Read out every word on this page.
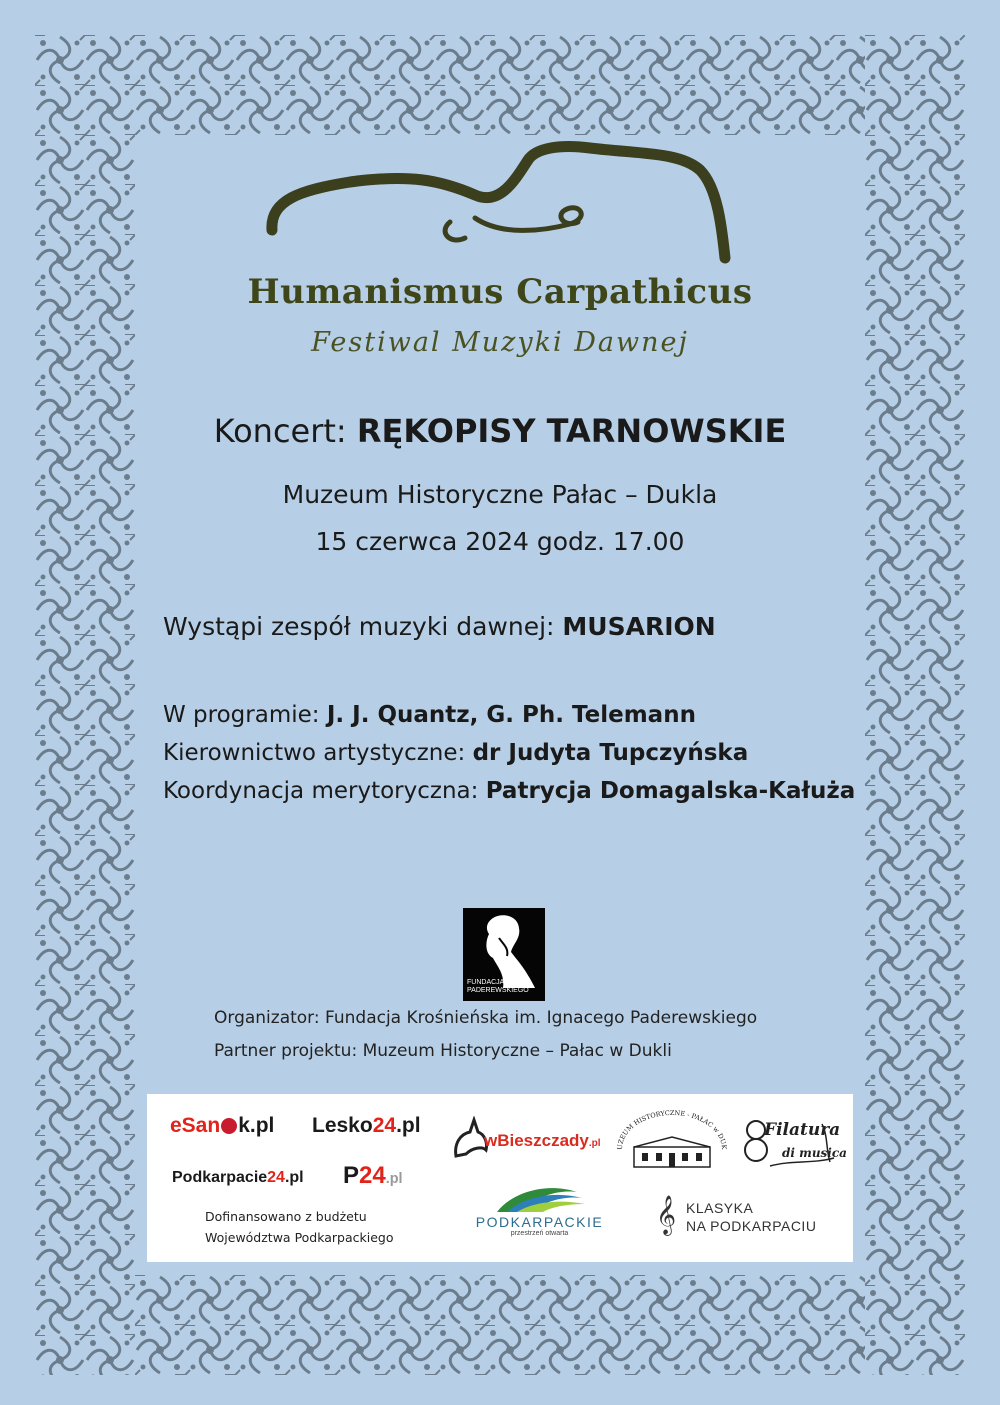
Humanismus Carpathicus
Festiwal Muzyki Dawnej
Koncert: RĘKOPISY TARNOWSKIE
Muzeum Historyczne Pałac – Dukla
15 czerwca 2024 godz. 17.00
Wystąpi zespół muzyki dawnej: MUSARION
W programie: J. J. Quantz, G. Ph. Telemann
Kierownictwo artystyczne: dr Judyta Tupczyńska
Koordynacja merytoryczna: Patrycja Domagalska-Kałuża
FUNDACJA
PADEREWSKIEGO
Organizator: Fundacja Krośnieńska im. Ignacego Paderewskiego
Partner projektu: Muzeum Historyczne – Pałac w Dukli
eSan k.pl Lesko24.pl
Podkarpacie24.pl P24.pl
Dofinansowano z budżetu
Województwa Podkarpackiego
wBieszczady.pl	UZEUM HISTORYCZNE - PAŁAC w DUK
Filatura
di musica
PODKARPACKIE
przestrzeń otwarta	𝄞 KLASYKA
NA PODKARPACIU
